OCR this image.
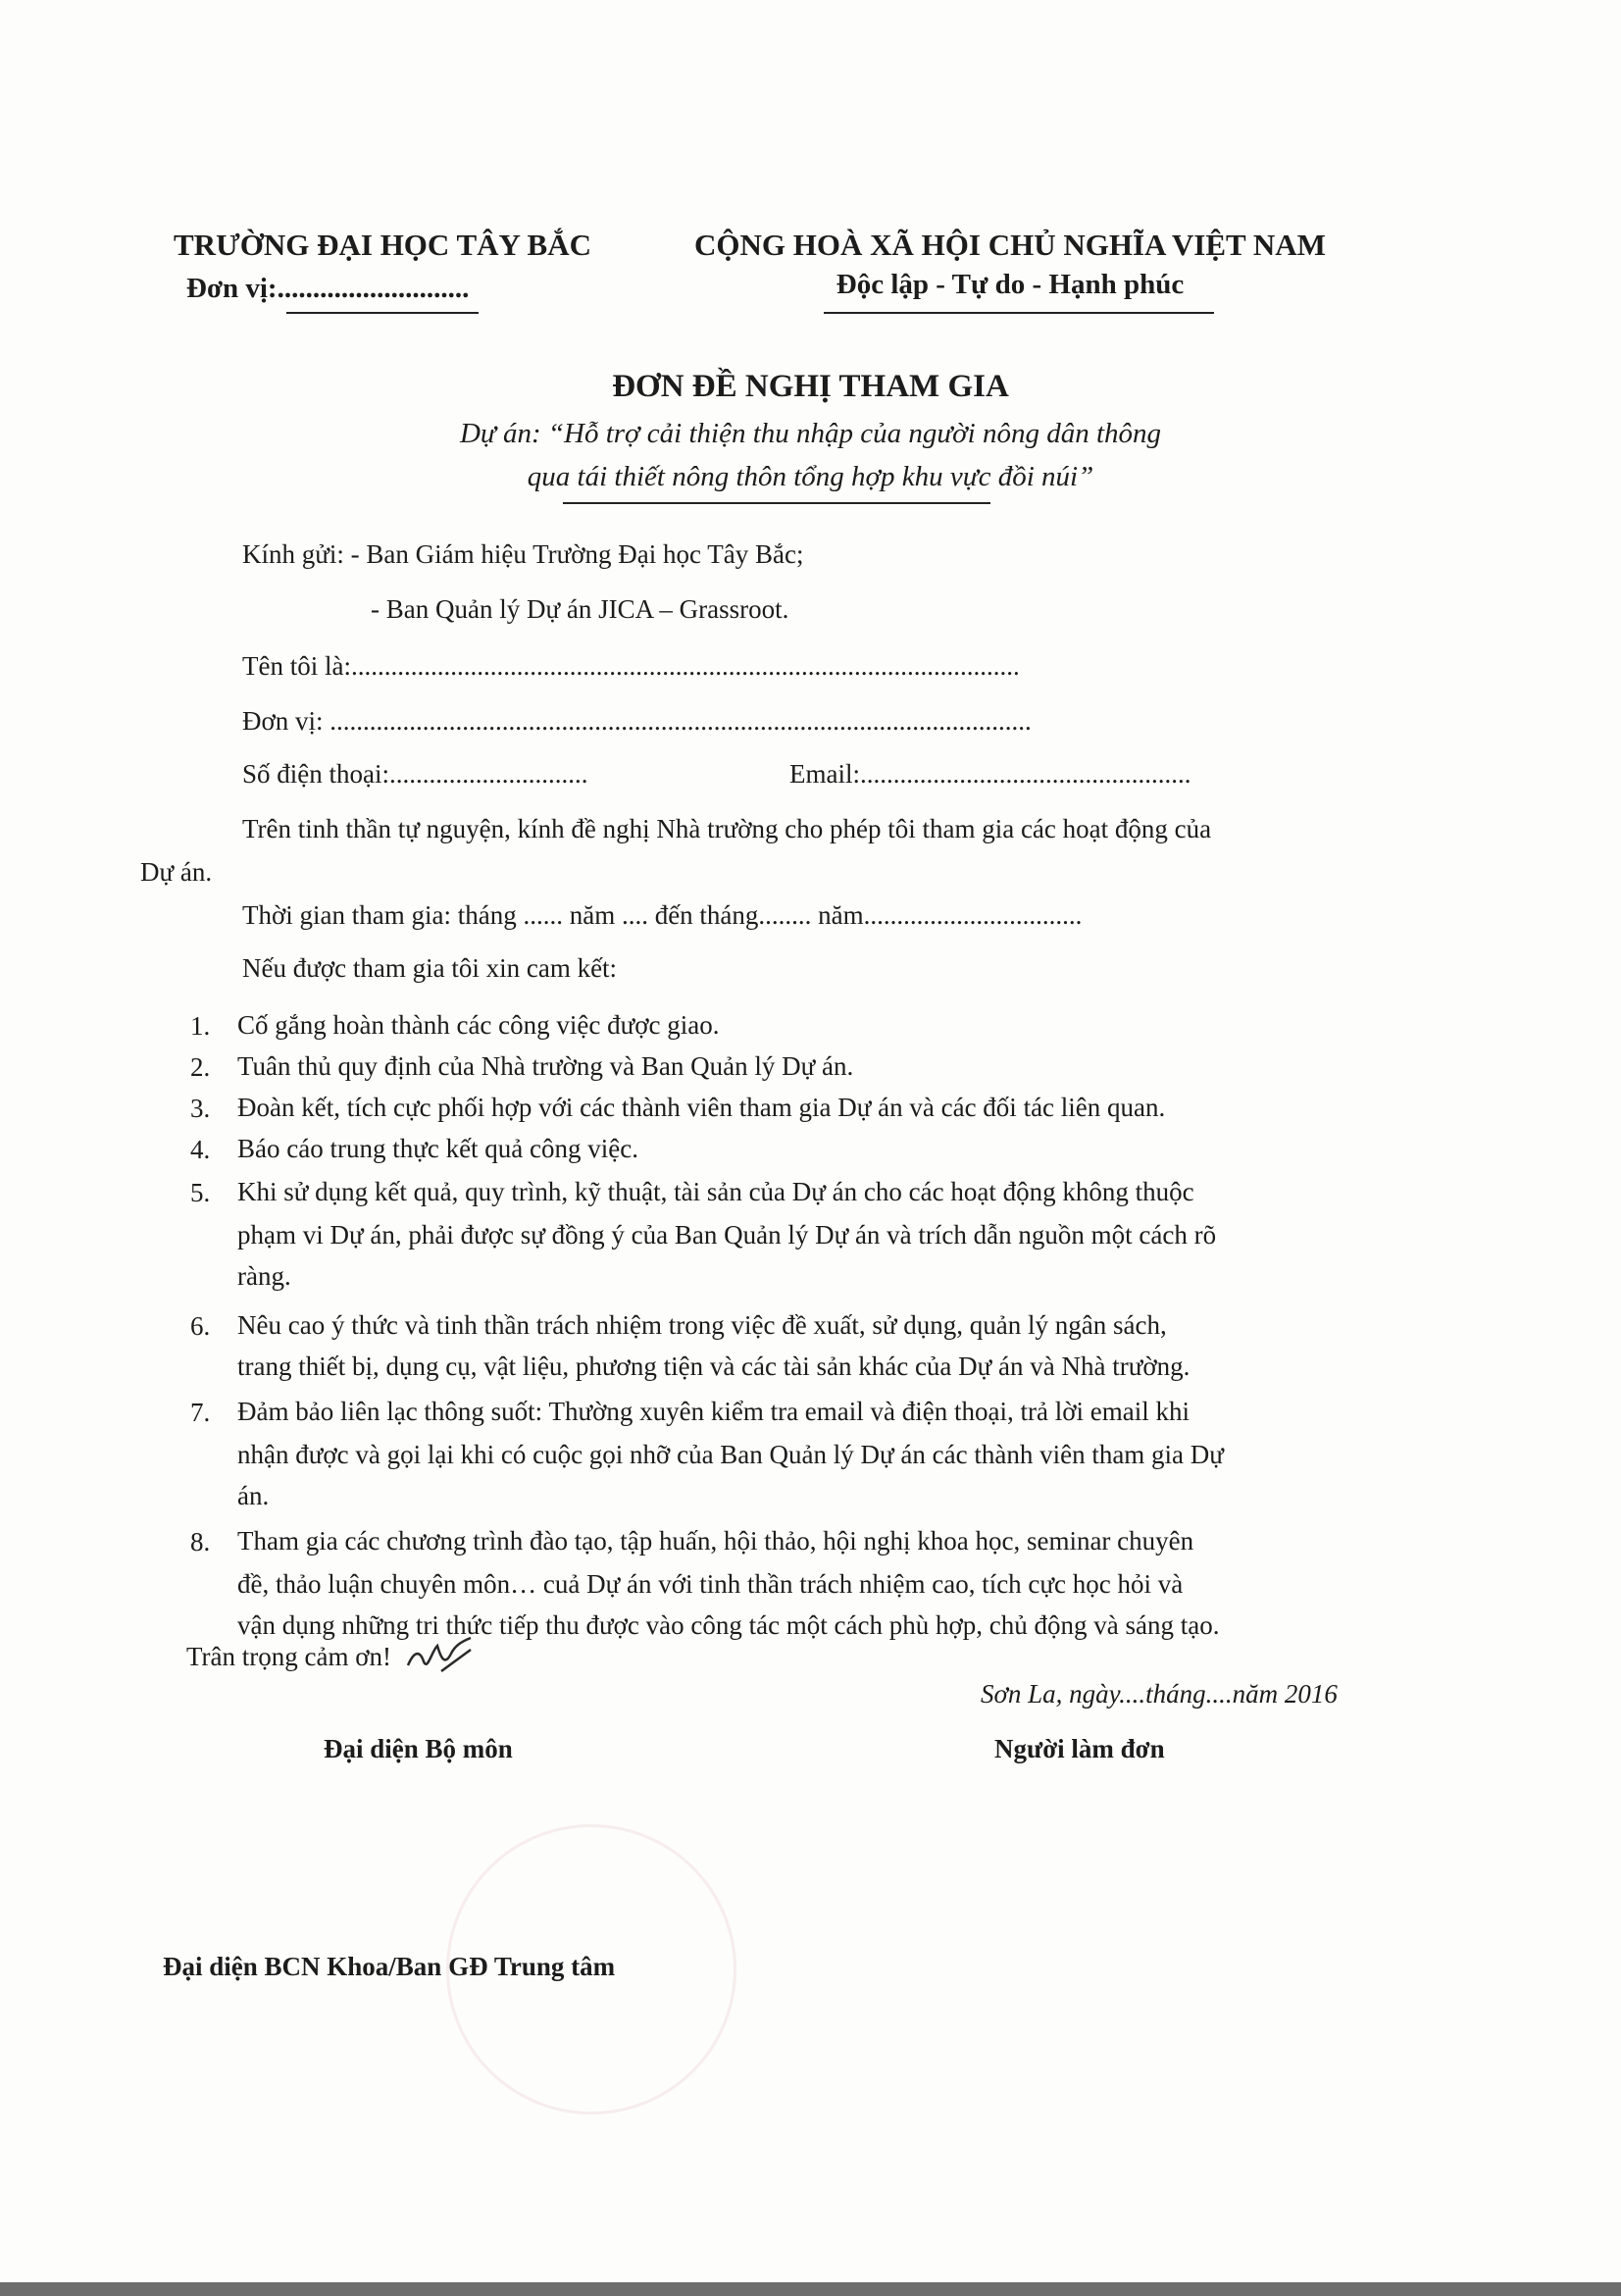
TRƯỜNG ĐẠI HỌC TÂY BẮC
Đơn vị:...........................
CỘNG HOÀ XÃ HỘI CHỦ NGHĨA VIỆT NAM
Độc lập - Tự do - Hạnh phúc
ĐƠN ĐỀ NGHỊ THAM GIA
Dự án: “Hỗ trợ cải thiện thu nhập của người nông dân thông
qua tái thiết nông thôn tổng hợp khu vực đồi núi”
Kính gửi: - Ban Giám hiệu Trường Đại học Tây Bắc;
- Ban Quản lý Dự án JICA – Grassroot.
Tên tôi là:.....................................................................................................
Đơn vị: ..........................................................................................................
Số điện thoại:..............................	Email:..................................................
Trên tinh thần tự nguyện, kính đề nghị Nhà trường cho phép tôi tham gia các hoạt động của
Dự án.
Thời gian tham gia: tháng ...... năm .... đến tháng........ năm.................................
Nếu được tham gia tôi xin cam kết:
1. Cố gắng hoàn thành các công việc được giao.
2. Tuân thủ quy định của Nhà trường và Ban Quản lý Dự án.
3. Đoàn kết, tích cực phối hợp với các thành viên tham gia Dự án và các đối tác liên quan.
4. Báo cáo trung thực kết quả công việc.
5. Khi sử dụng kết quả, quy trình, kỹ thuật, tài sản của Dự án cho các hoạt động không thuộc
phạm vi Dự án, phải được sự đồng ý của Ban Quản lý Dự án và trích dẫn nguồn một cách rõ
ràng.
6. Nêu cao ý thức và tinh thần trách nhiệm trong việc đề xuất, sử dụng, quản lý ngân sách,
trang thiết bị, dụng cụ, vật liệu, phương tiện và các tài sản khác của Dự án và Nhà trường.
7. Đảm bảo liên lạc thông suốt: Thường xuyên kiểm tra email và điện thoại, trả lời email khi
nhận được và gọi lại khi có cuộc gọi nhỡ của Ban Quản lý Dự án các thành viên tham gia Dự
án.
8. Tham gia các chương trình đào tạo, tập huấn, hội thảo, hội nghị khoa học, seminar chuyên
đề, thảo luận chuyên môn… cuả Dự án với tinh thần trách nhiệm cao, tích cực học hỏi và
vận dụng những tri thức tiếp thu được vào công tác một cách phù hợp, chủ động và sáng tạo.
Trân trọng cảm ơn!
Sơn La, ngày....tháng....năm 2016
Đại diện Bộ môn	Người làm đơn
Đại diện BCN Khoa/Ban GĐ Trung tâm
